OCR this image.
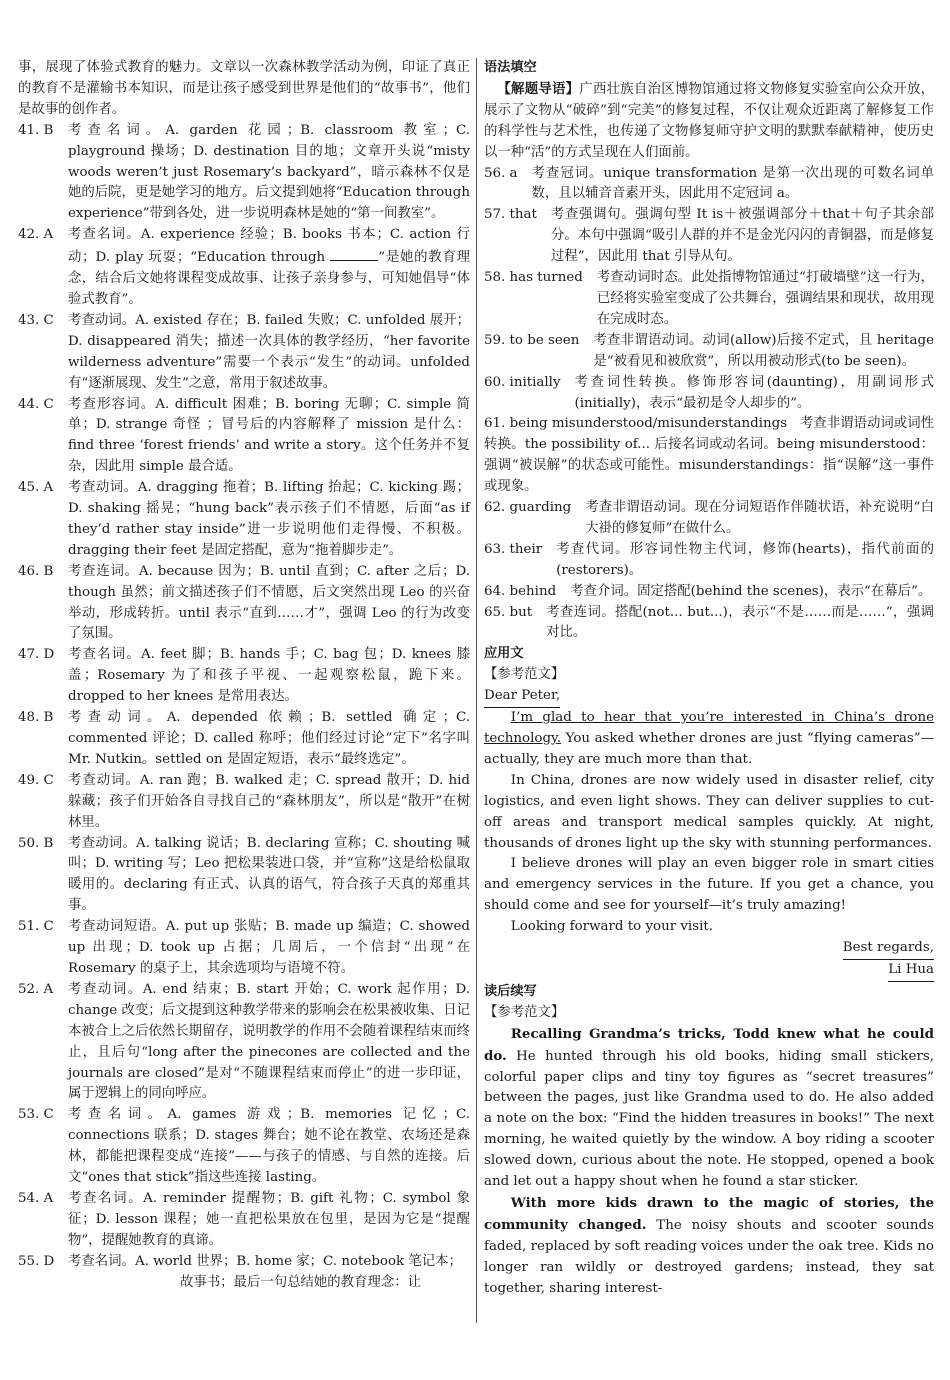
事，展现了体验式教育的魅力。文章以一次森林教学活动为例，印证了真正的教育不是灌输书本知识，而是让孩子感受到世界是他们的“故事书”，他们是故事的创作者。

41. B	考查名词。A. garden 花园；B. classroom 教室；C. playground 操场；D. destination 目的地；文章开头说“misty woods weren’t just Rosemary’s backyard”，暗示森林不仅是她的后院，更是她学习的地方。后文提到她将“Education through experience”带到各处，进一步说明森林是她的“第一间教室”。
42. A	考查名词。A. experience 经验；B. books 书本；C. action 行动；D. play 玩耍；“Education through	”是她的教育理念，结合后文她将课程变成故事、让孩子亲身参与，可知她倡导“体验式教育”。
43. C	考查动词。A. existed 存在；B. failed 失败；C. unfolded 展开；D. disappeared 消失；描述一次具体的教学经历，“her favorite wilderness adventure”需要一个表示“发生”的动词。unfolded 有“逐渐展现、发生”之意，常用于叙述故事。
44. C	考查形容词。A. difficult 困难；B. boring 无聊；C. simple 简单；D. strange 奇怪 ；冒号后的内容解释了 mission 是什么：find three ‘forest friends’ and write a story。这个任务并不复杂，因此用 simple 最合适。
45. A	考查动词。A. dragging 拖着；B. lifting 抬起；C. kicking 踢；D. shaking 摇晃；“hung back”表示孩子们不情愿，后面“as if they’d rather stay inside”进一步说明他们走得慢、不积极。dragging their feet 是固定搭配，意为“拖着脚步走”。
46. B	考查连词。A. because 因为；B. until 直到；C. after 之后；D. though 虽然；前文描述孩子们不情愿，后文突然出现 Leo 的兴奋举动，形成转折。until 表示“直到……才”，强调 Leo 的行为改变了氛围。
47. D	考查名词。A. feet 脚；B. hands 手；C. bag 包；D. knees 膝盖；Rosemary 为了和孩子平视、一起观察松鼠，跪下来。dropped to her knees 是常用表达。
48. B	考查动词。A. depended 依赖；B. settled 确定；C. commented 评论；D. called 称呼；他们经过讨论“定下”名字叫 Mr. Nutkin。settled on 是固定短语，表示“最终选定”。
49. C	考查动词。A. ran 跑；B. walked 走；C. spread 散开；D. hid 躲藏；孩子们开始各自寻找自己的“森林朋友”，所以是“散开”在树林里。
50. B	考查动词。A. talking 说话；B. declaring 宣称；C. shouting 喊叫；D. writing 写；Leo 把松果装进口袋，并“宣称”这是给松鼠取暖用的。declaring 有正式、认真的语气，符合孩子天真的郑重其事。
51. C	考查动词短语。A. put up 张贴；B. made up 编造；C. showed up 出现；D. took up 占据；几周后，一个信封“出现”在 Rosemary 的桌子上，其余选项均与语境不符。
52. A	考查动词。A. end 结束；B. start 开始；C. work 起作用；D. change 改变；后文提到这种教学带来的影响会在松果被收集、日记本被合上之后依然长期留存，说明教学的作用不会随着课程结束而终止，且后句“long after the pinecones are collected and the journals are closed”是对“不随课程结束而停止”的进一步印证，属于逻辑上的同向呼应。
53. C	考查名词。A. games 游戏；B. memories 记忆；C. connections 联系；D. stages 舞台；她不论在教堂、农场还是森林，都能把课程变成“连接”——与孩子的情感、与自然的连接。后文“ones that stick”指这些连接 lasting。
54. A	考查名词。A. reminder 提醒物；B. gift 礼物；C. symbol 象征；D. lesson 课程；她一直把松果放在包里，是因为它是“提醒物”，提醒她教育的真谛。
55. D	考查名词。A. world 世界；B. home 家；C. notebook 笔记本；
故事书；最后一句总结她的教育理念：让

语法填空

【解题导语】广西壮族自治区博物馆通过将文物修复实验室向公众开放，展示了文物从“破碎”到“完美”的修复过程，不仅让观众近距离了解修复工作的科学性与艺术性，也传递了文物修复师守护文明的默默奉献精神，使历史以一种“活”的方式呈现在人们面前。

56. a	考查冠词。unique transformation 是第一次出现的可数名词单数，且以辅音音素开头，因此用不定冠词 a。
57. that	考查强调句。强调句型 It is＋被强调部分＋that＋句子其余部分。本句中强调“吸引人群的并不是金光闪闪的青铜器，而是修复过程”，因此用 that 引导从句。
58. has turned	考查动词时态。此处指博物馆通过“打破墙壁”这一行为，已经将实验室变成了公共舞台，强调结果和现状，故用现在完成时态。
59. to be seen	考查非谓语动词。动词(allow)后接不定式，且 heritage 是“被看见和被欣赏”，所以用被动形式(to be seen)。
60. initially	考查词性转换。修饰形容词(daunting)，用副词形式(initially)，表示“最初是令人却步的”。

61. being misunderstood/misunderstandings 考查非谓语动词或词性转换。the possibility of... 后接名词或动名词。being misunderstood：强调“被误解”的状态或可能性。misunderstandings：指“误解”这一事件或现象。

62. guarding	考查非谓语动词。现在分词短语作伴随状语，补充说明“白大褂的修复师”在做什么。
63. their	考查代词。形容词性物主代词，修饰(hearts)，指代前面的(restorers)。
64. behind	考查介词。固定搭配(behind the scenes)，表示“在幕后”。
65. but	考查连词。搭配(not... but...)，表示“不是……而是……”，强调对比。

应用文

【参考范文】

Dear Peter,

I’m glad to hear that you’re interested in China’s drone technology. You asked whether drones are just “flying cameras”—actually, they are much more than that.

In China, drones are now widely used in disaster relief, city logistics, and even light shows. They can deliver supplies to cut-off areas and transport medical samples quickly. At night, thousands of drones light up the sky with stunning performances.

I believe drones will play an even bigger role in smart cities and emergency services in the future. If you get a chance, you should come and see for yourself—it’s truly amazing!

Looking forward to your visit.

Best regards,

Li Hua

读后续写

【参考范文】

Recalling Grandma’s tricks, Todd knew what he could do. He hunted through his old books, hiding small stickers, colorful paper clips and tiny toy figures as “secret treasures” between the pages, just like Grandma used to do. He also added a note on the box: “Find the hidden treasures in books!” The next morning, he waited quietly by the window. A boy riding a scooter slowed down, curious about the note. He stopped, opened a book and let out a happy shout when he found a star sticker.

With more kids drawn to the magic of stories, the community changed. The noisy shouts and scooter sounds faded, replaced by soft reading voices under the oak tree. Kids no longer ran wildly or destroyed gardens; instead, they sat together, sharing interest-
